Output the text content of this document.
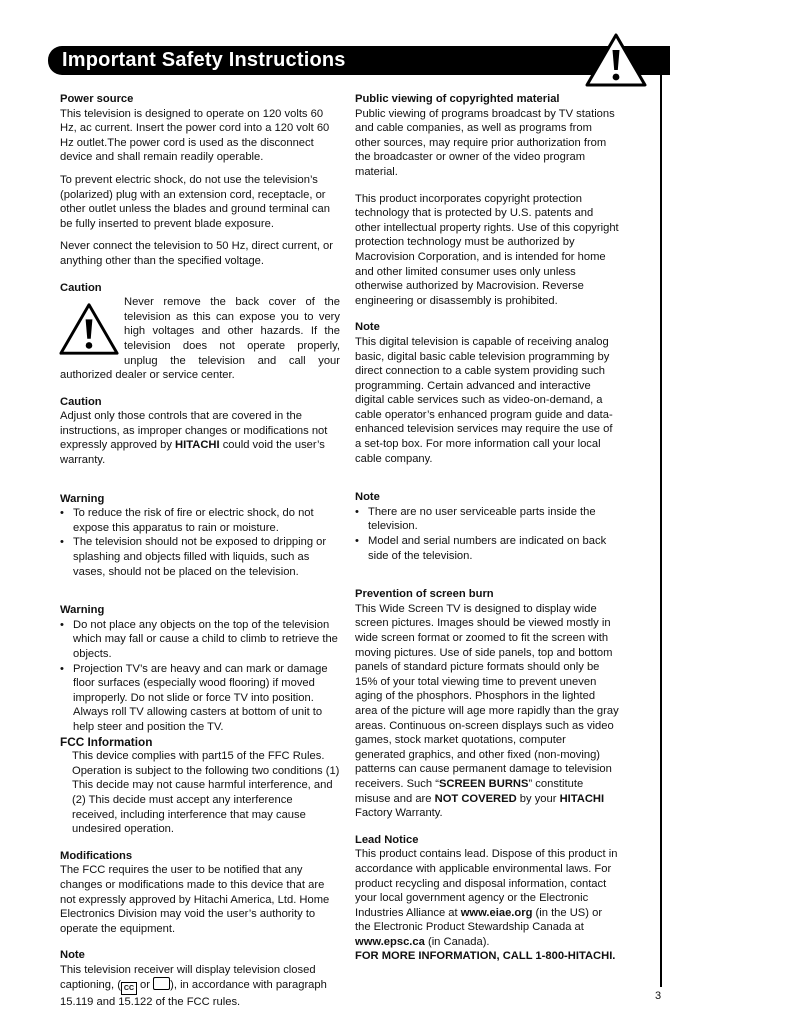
Important Safety Instructions
Power source

This television is designed to operate on 120 volts 60 Hz, ac current. Insert the power cord into a 120 volt 60 Hz outlet.The power cord is used as the disconnect device and shall remain readily operable.

To prevent electric shock, do not use the television’s (polarized) plug with an extension cord, receptacle, or other outlet unless the blades and ground terminal can be fully inserted to prevent blade exposure.

Never connect the television to 50 Hz, direct current, or anything other than the specified voltage.

Caution

Never remove the back cover of the television as this can expose you to very high voltages and other hazards. If the television does not operate properly, unplug the television and call your authorized dealer or service center.

Caution

Adjust only those controls that are covered in the instructions, as improper changes or modifications not expressly approved by HITACHI could void the user’s warranty.

Warning
• To reduce the risk of fire or electric shock, do not expose this apparatus to rain or moisture.
• The television should not be exposed to dripping or splashing and objects filled with liquids, such as vases, should not be placed on the television.
Warning
• Do not place any objects on the top of the television which may fall or cause a child to climb to retrieve the objects.
• Projection TV’s are heavy and can mark or damage floor surfaces (especially wood flooring) if moved improperly. Do not slide or force TV into position. Always roll TV allowing casters at bottom of unit to help steer and position the TV.
FCC Information

This device complies with part15 of the FFC Rules. Operation is subject to the following two conditions (1) This decide may not cause harmful interference, and (2) This decide must accept any interference received, including interference that may cause undesired operation.

Modifications

The FCC requires the user to be notified that any changes or modifications made to this device that are not expressly approved by Hitachi America, Ltd. Home Electronics Division may void the user’s authority to operate the equipment.

Note

This television receiver will display television closed captioning, ( CC or ), in accordance with paragraph 15.119 and 15.122 of the FCC rules.

Public viewing of copyrighted material

Public viewing of programs broadcast by TV stations and cable companies, as well as programs from other sources, may require prior authorization from the broadcaster or owner of the video program material.

This product incorporates copyright protection technology that is protected by U.S. patents and other intellectual property rights. Use of this copyright protection technology must be authorized by Macrovision Corporation, and is intended for home and other limited consumer uses only unless otherwise authorized by Macrovision. Reverse engineering or disassembly is prohibited.

Note

This digital television is capable of receiving analog basic, digital basic cable television programming by direct connection to a cable system providing such programming. Certain advanced and interactive digital cable services such as video-on-demand, a cable operator’s enhanced program guide and data-enhanced television services may require the use of a set-top box. For more information call your local cable company.

Note
• There are no user serviceable parts inside the television.
• Model and serial numbers are indicated on back side of the television.
Prevention of screen burn

This Wide Screen TV is designed to display wide screen pictures. Images should be viewed mostly in wide screen format or zoomed to fit the screen with moving pictures. Use of side panels, top and bottom panels of standard picture formats should only be 15% of your total viewing time to prevent uneven aging of the phosphors. Phosphors in the lighted area of the picture will age more rapidly than the gray areas. Continuous on-screen displays such as video games, stock market quotations, computer generated graphics, and other fixed (non-moving) patterns can cause permanent damage to television receivers. Such “SCREEN BURNS” constitute misuse and are NOT COVERED by your HITACHI Factory Warranty.

Lead Notice

This product contains lead. Dispose of this product in accordance with applicable environmental laws. For product recycling and disposal information, contact your local government agency or the Electronic Industries Alliance at www.eiae.org (in the US) or the Electronic Product Stewardship Canada at www.epsc.ca (in Canada).

FOR MORE INFORMATION, CALL 1-800-HITACHI.

3
